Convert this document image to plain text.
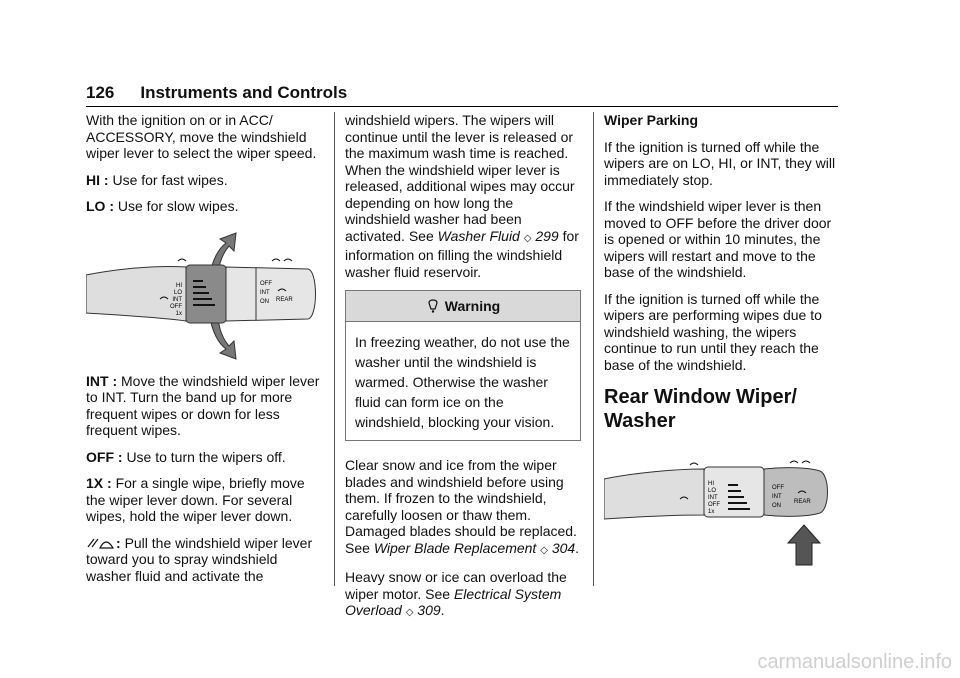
126 Instruments and Controls

With the ignition on or in ACC/ ACCESSORY, move the windshield wiper lever to select the wiper speed.

HI : Use for fast wipes.

LO : Use for slow wipes.

HI
LO
INT
OFF
1x
OFF
INT
ON REAR

INT : Move the windshield wiper lever to INT. Turn the band up for more frequent wipes or down for less frequent wipes.

OFF : Use to turn the wipers off.

1X : For a single wipe, briefly move the wiper lever down. For several wipes, hold the wiper lever down.

: Pull the windshield wiper lever toward you to spray windshield washer fluid and activate the

windshield wipers. The wipers will continue until the lever is released or the maximum wash time is reached. When the windshield wiper lever is released, additional wipes may occur depending on how long the windshield washer had been activated. See Washer Fluid ◇ 299 for information on filling the windshield washer fluid reservoir.

Warning
In freezing weather, do not use the washer until the windshield is warmed. Otherwise the washer fluid can form ice on the windshield, blocking your vision.

Clear snow and ice from the wiper blades and windshield before using them. If frozen to the windshield, carefully loosen or thaw them. Damaged blades should be replaced. See Wiper Blade Replacement ◇ 304.

Heavy snow or ice can overload the wiper motor. See Electrical System Overload ◇ 309.

Wiper Parking

If the ignition is turned off while the wipers are on LO, HI, or INT, they will immediately stop.

If the windshield wiper lever is then moved to OFF before the driver door is opened or within 10 minutes, the wipers will restart and move to the base of the windshield.

If the ignition is turned off while the wipers are performing wipes due to windshield washing, the wipers continue to run until they reach the base of the windshield.

Rear Window Wiper/
Washer
HI
LO
INT
OFF
1x
OFF
INT
ON
REAR
carmanualsonline.info
